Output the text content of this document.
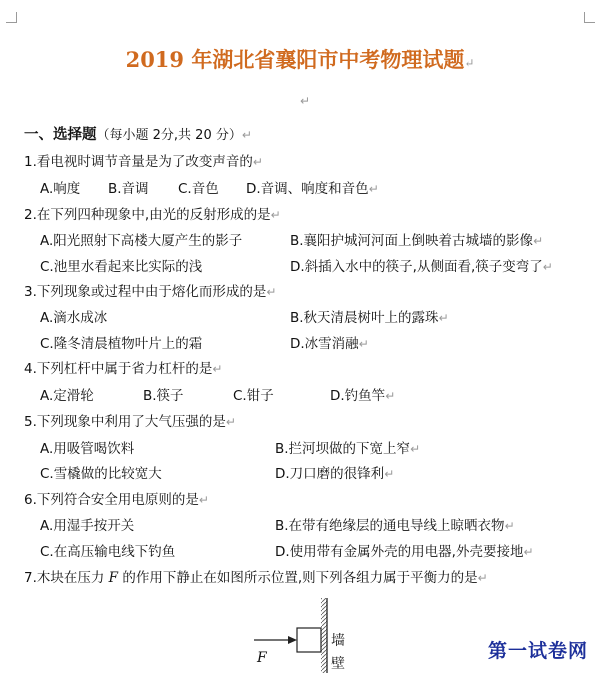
2019 年湖北省襄阳市中考物理试题↵
↵
一、选择题（每小题 2分,共 20 分）↵
1.看电视时调节音量是为了改变声音的↵
A.响度 B.音调 C.音色 D.音调、响度和音色↵
2.在下列四种现象中,由光的反射形成的是↵
A.阳光照射下高楼大厦产生的影子	B.襄阳护城河河面上倒映着古城墙的影像↵
C.池里水看起来比实际的浅	D.斜插入水中的筷子,从侧面看,筷子变弯了↵
3.下列现象或过程中由于熔化而形成的是↵
A.滴水成冰	B.秋天清晨树叶上的露珠↵
C.隆冬清晨植物叶片上的霜	D.冰雪消融↵
4.下列杠杆中属于省力杠杆的是↵
A.定滑轮	B.筷子	C.钳子	D.钓鱼竿↵
5.下列现象中利用了大气压强的是↵
A.用吸管喝饮料	B.拦河坝做的下宽上窄↵
C.雪橇做的比较宽大	D.刀口磨的很锋利↵
6.下列符合安全用电原则的是↵
A.用湿手按开关	B.在带有绝缘层的通电导线上晾晒衣物↵
C.在高压输电线下钓鱼	D.使用带有金属外壳的用电器,外壳要接地↵
7.木块在压力 F 的作用下静止在如图所示位置,则下列各组力属于平衡力的是↵
F
墙
壁
第一试卷网
